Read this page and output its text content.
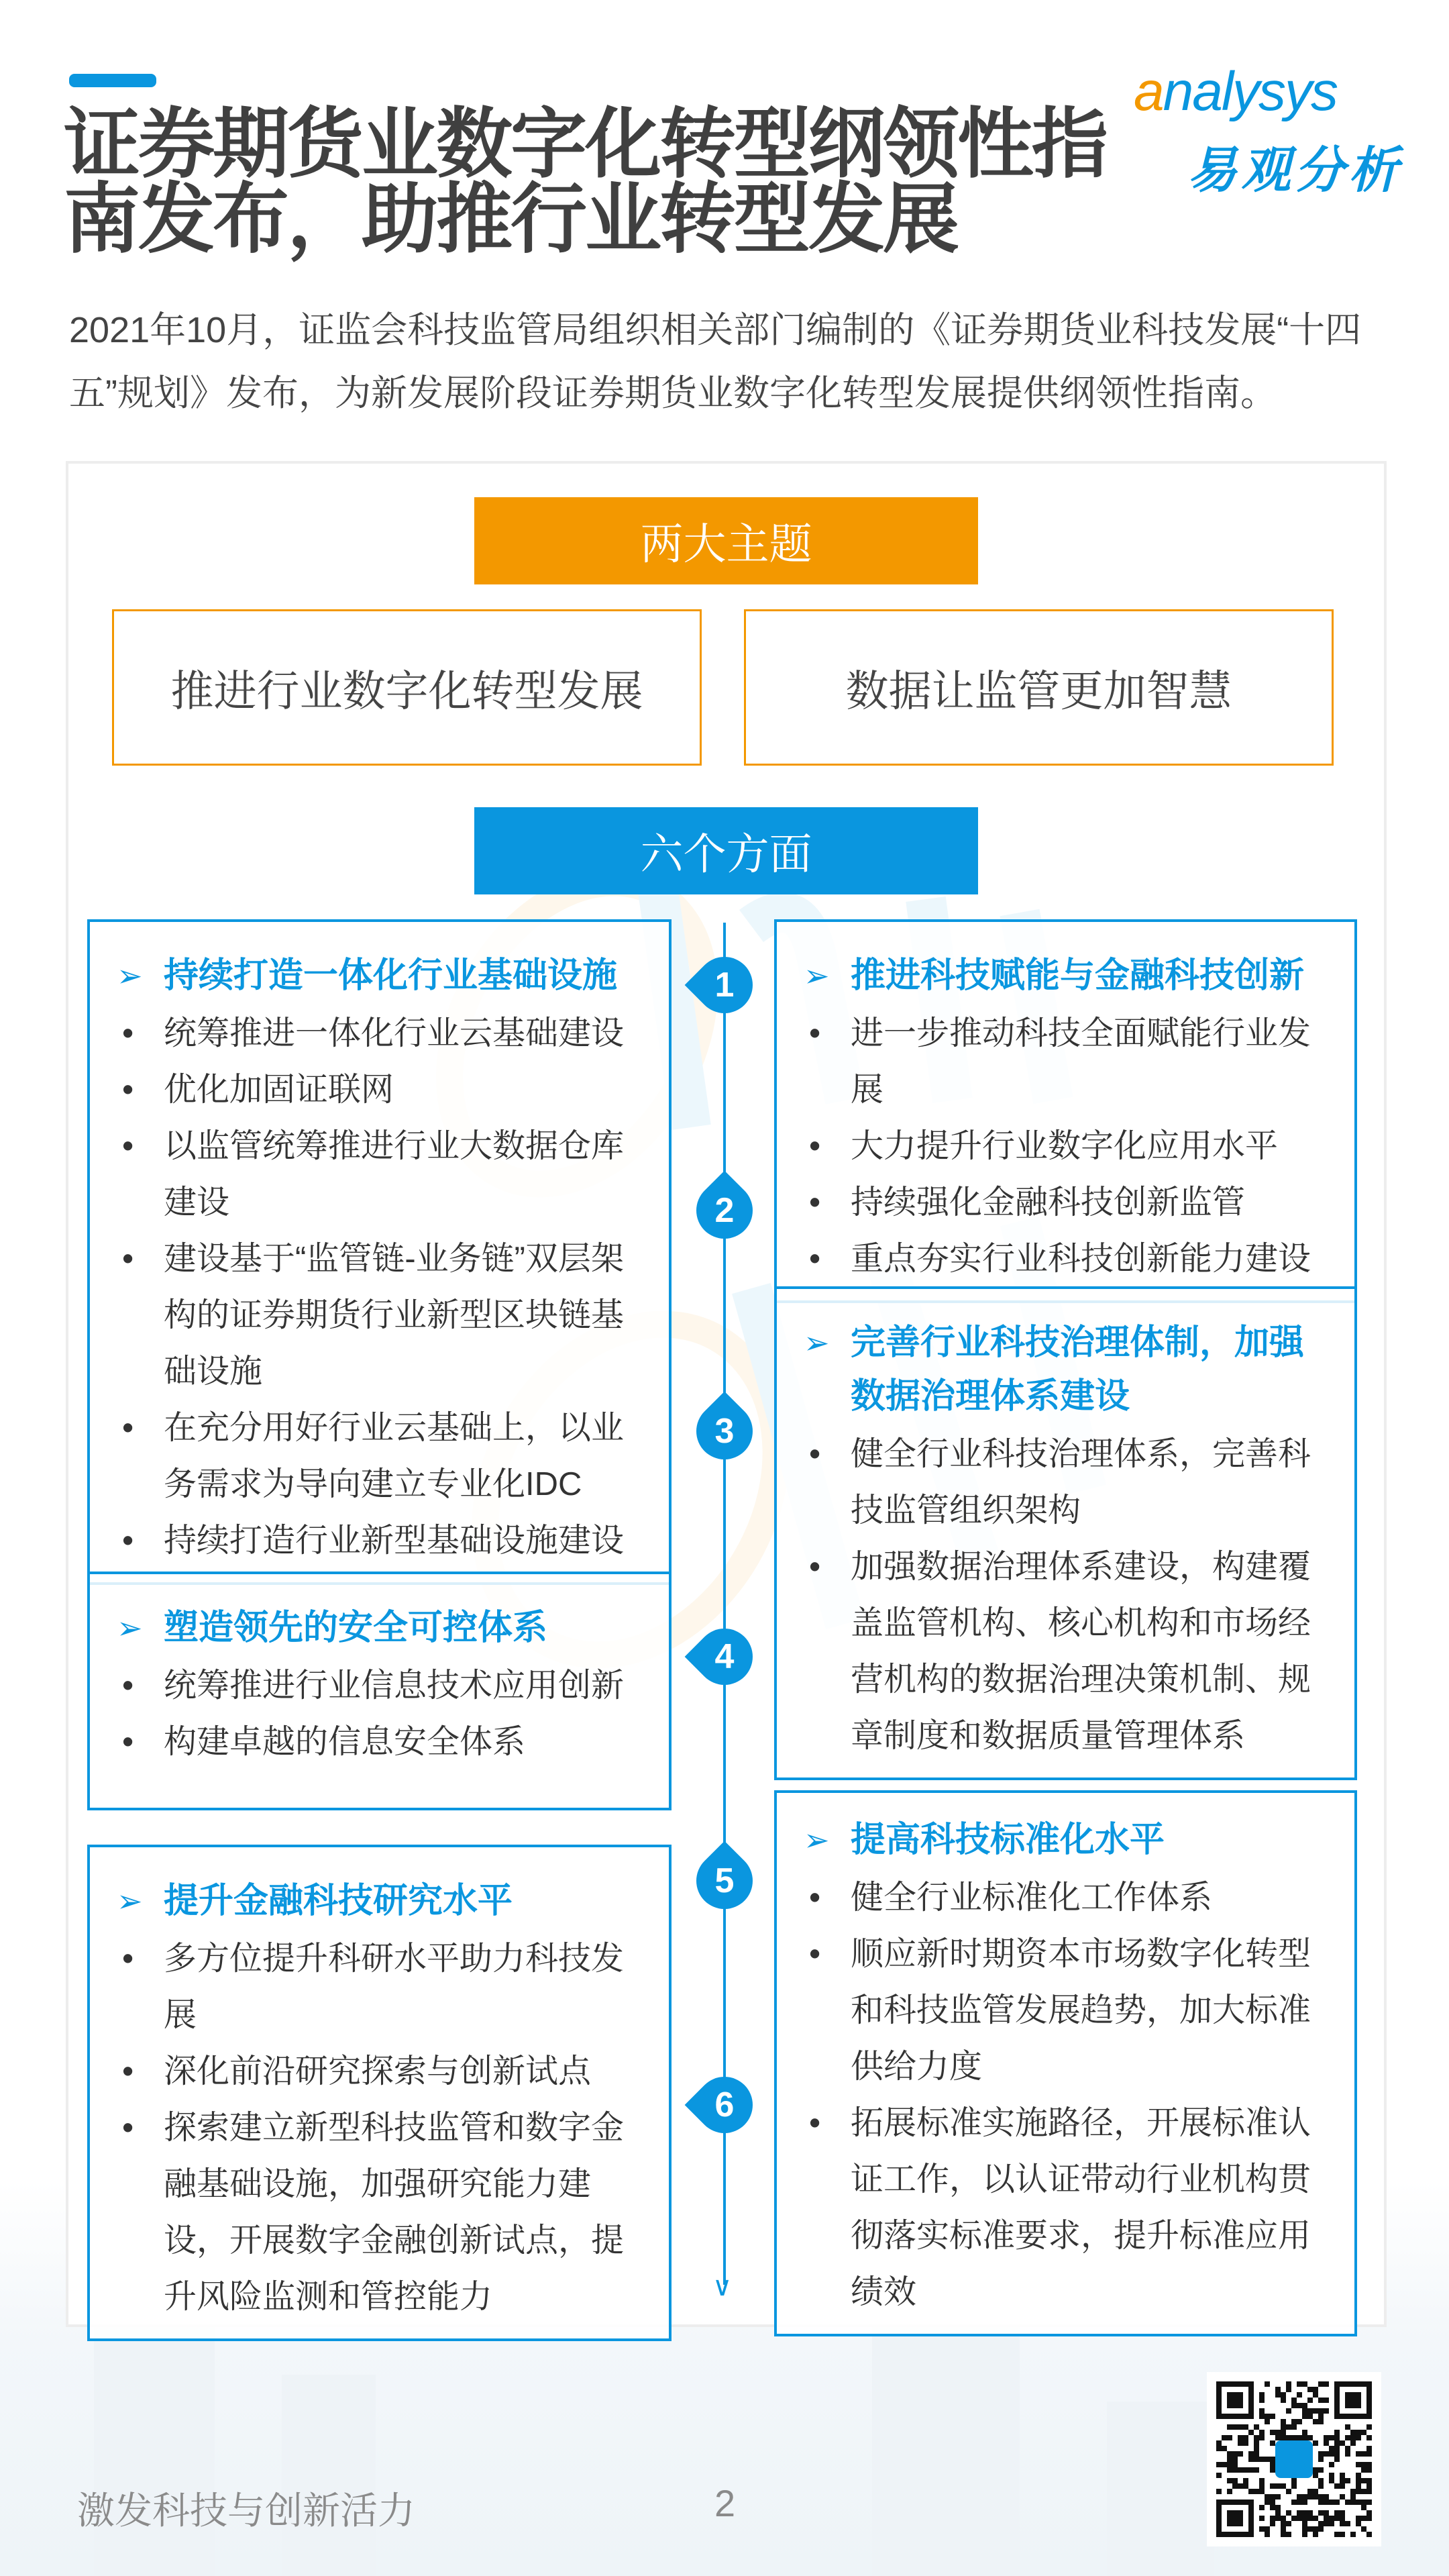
证券期货业数字化转型纲领性指
南发布，助推行业转型发展
analysys
易观分析

2021年10月，证监会科技监管局组织相关部门编制的《证券期货业科技发展“十四五”规划》发布，为新发展阶段证券期货业数字化转型发展提供纲领性指南。

两大主题
推进行业数字化转型发展	数据让监管更加智慧
六个方面
∨
➢ 持续打造一体化行业基础设施
• 统筹推进一体化行业云基础建设
• 优化加固证联网
• 以监管统筹推进行业大数据仓库建设
• 建设基于“监管链-业务链”双层架构的证券期货行业新型区块链基础设施
• 在充分用好行业云基础上，以业务需求为导向建立专业化IDC
• 持续打造行业新型基础设施建设
➢ 推进科技赋能与金融科技创新
• 进一步推动科技全面赋能行业发展
• 大力提升行业数字化应用水平
• 持续强化金融科技创新监管
• 重点夯实行业科技创新能力建设
➢ 完善行业科技治理体制，加强数据治理体系建设
• 健全行业科技治理体系，完善科技监管组织架构
• 加强数据治理体系建设，构建覆盖监管机构、核心机构和市场经营机构的数据治理决策机制、规章制度和数据质量管理体系
➢ 塑造领先的安全可控体系
• 统筹推进行业信息技术应用创新
• 构建卓越的信息安全体系
➢ 提高科技标准化水平
• 健全行业标准化工作体系
• 顺应新时期资本市场数字化转型和科技监管发展趋势，加大标准供给力度
• 拓展标准实施路径，开展标准认证工作，以认证带动行业机构贯彻落实标准要求，提升标准应用绩效
➢ 提升金融科技研究水平
• 多方位提升科研水平助力科技发展
• 深化前沿研究探索与创新试点
• 探索建立新型科技监管和数字金融基础设施，加强研究能力建设，开展数字金融创新试点，提升风险监测和管控能力
1
2
3
4
5
6
激发科技与创新活力	2
